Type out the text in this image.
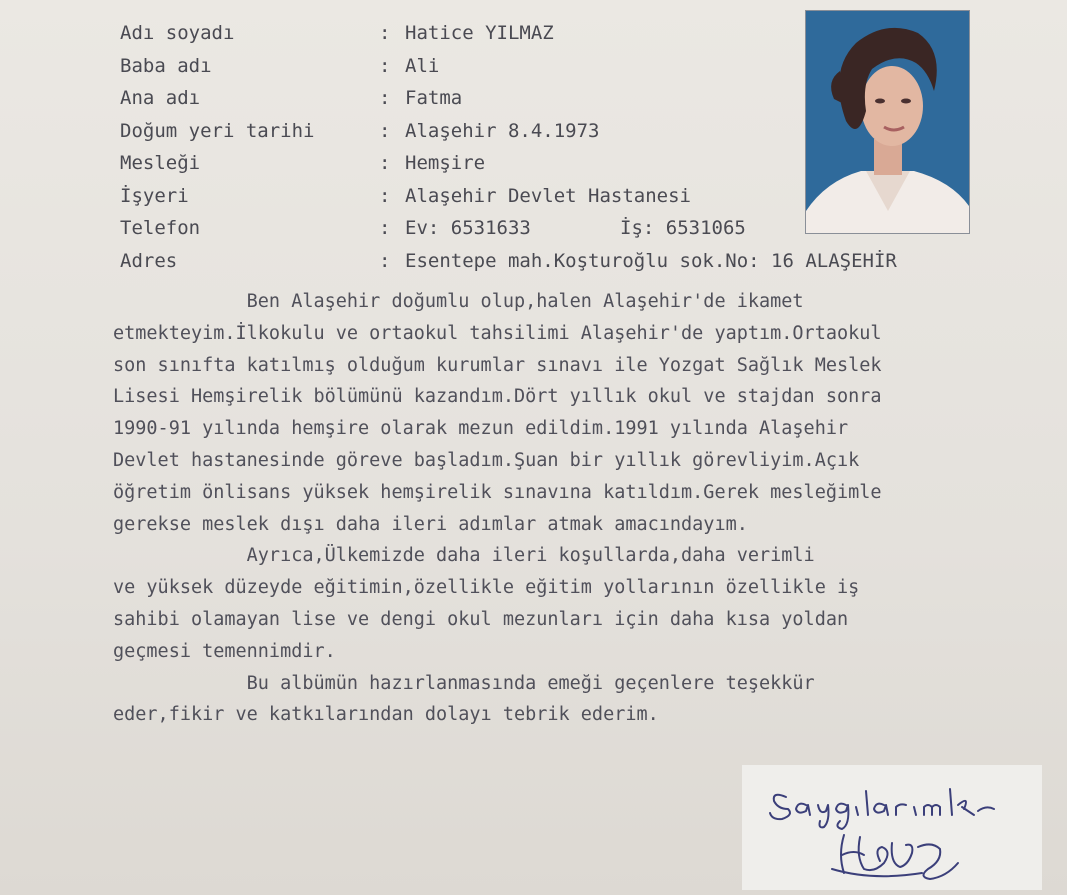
Adı soyadı	: Hatice YILMAZ
Baba adı	: Ali
Ana adı	: Fatma
Doğum yeri tarihi	: Alaşehir 8.4.1973
Mesleği	: Hemşire
İşyeri	: Alaşehir Devlet Hastanesi
Telefon	: Ev: 6531633	İş: 6531065
Adres	: Esentepe mah.Koşturoğlu sok.No: 16 ALAŞEHİR

Ben Alaşehir doğumlu olup,halen Alaşehir'de ikamet
etmekteyim.İlkokulu ve ortaokul tahsilimi Alaşehir'de yaptım.Ortaokul
son sınıfta katılmış olduğum kurumlar sınavı ile Yozgat Sağlık Meslek
Lisesi Hemşirelik bölümünü kazandım.Dört yıllık okul ve stajdan sonra
1990-91 yılında hemşire olarak mezun edildim.1991 yılında Alaşehir
Devlet hastanesinde göreve başladım.Şuan bir yıllık görevliyim.Açık
öğretim önlisans yüksek hemşirelik sınavına katıldım.Gerek mesleğimle
gerekse meslek dışı daha ileri adımlar atmak amacındayım.

Ayrıca,Ülkemizde daha ileri koşullarda,daha verimli
ve yüksek düzeyde eğitimin,özellikle eğitim yollarının özellikle iş
sahibi olamayan lise ve dengi okul mezunları için daha kısa yoldan
geçmesi temennimdir.

Bu albümün hazırlanmasında emeği geçenlere teşekkür
eder,fikir ve katkılarından dolayı tebrik ederim.
